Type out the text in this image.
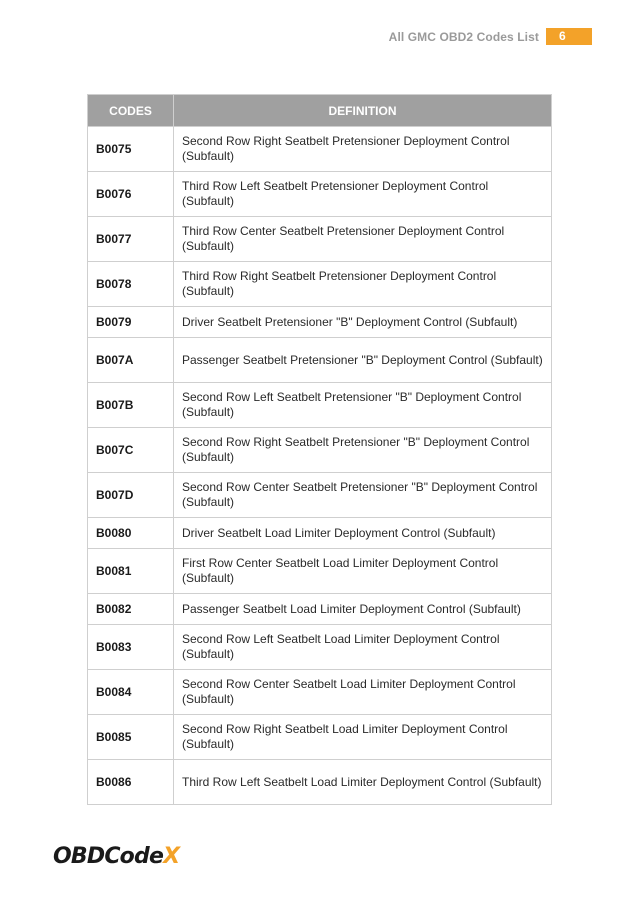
All GMC OBD2 Codes List	6
CODES	DEFINITION
B0075	Second Row Right Seatbelt Pretensioner Deployment Control (Subfault)
B0076	Third Row Left Seatbelt Pretensioner Deployment Control (Subfault)
B0077	Third Row Center Seatbelt Pretensioner Deployment Control (Subfault)
B0078	Third Row Right Seatbelt Pretensioner Deployment Control (Subfault)
B0079	Driver Seatbelt Pretensioner "B" Deployment Control (Subfault)
B007A	Passenger Seatbelt Pretensioner "B" Deployment Control (Subfault)
B007B	Second Row Left Seatbelt Pretensioner "B" Deployment Control (Subfault)
B007C	Second Row Right Seatbelt Pretensioner "B" Deployment Control (Subfault)
B007D	Second Row Center Seatbelt Pretensioner "B" Deployment Control (Subfault)
B0080	Driver Seatbelt Load Limiter Deployment Control (Subfault)
B0081	First Row Center Seatbelt Load Limiter Deployment Control (Subfault)
B0082	Passenger Seatbelt Load Limiter Deployment Control (Subfault)
B0083	Second Row Left Seatbelt Load Limiter Deployment Control (Subfault)
B0084	Second Row Center Seatbelt Load Limiter Deployment Control (Subfault)
B0085	Second Row Right Seatbelt Load Limiter Deployment Control (Subfault)
B0086	Third Row Left Seatbelt Load Limiter Deployment Control (Subfault)
OBDCodeX
